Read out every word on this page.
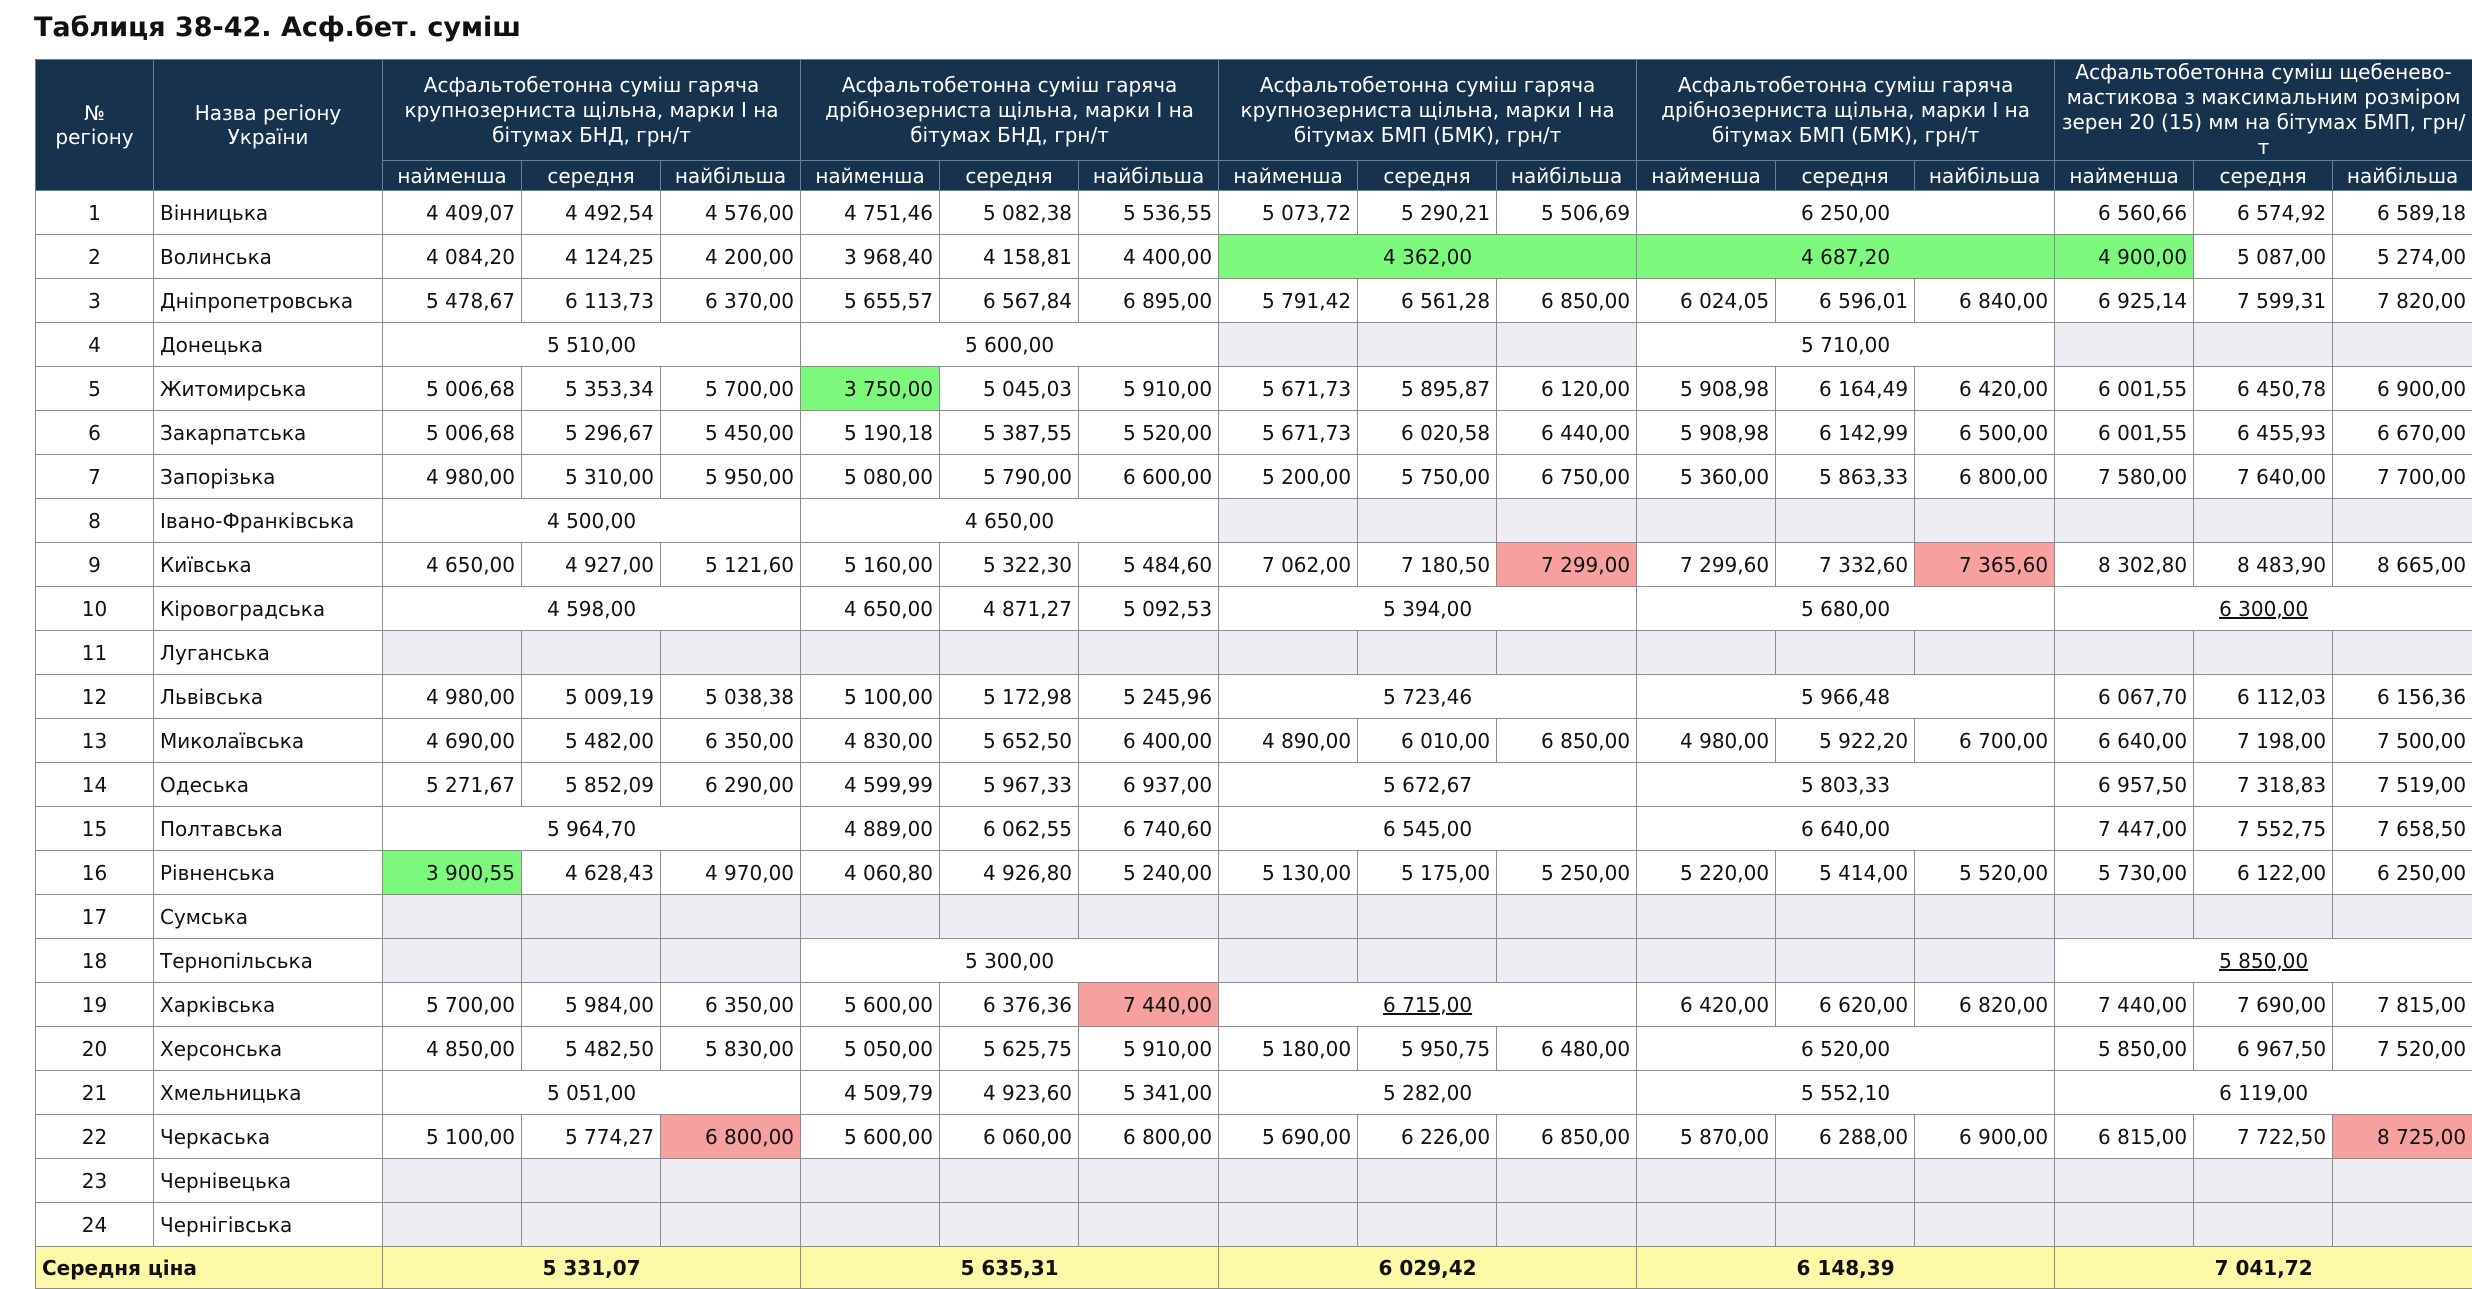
Таблиця 38-42. Асф.бет. суміш
№ регіону	Назва регіону України	Асфальтобетонна суміш гаряча крупнозерниста щільна, марки I на бітумах БНД, грн/т			Асфальтобетонна суміш гаряча дрібнозерниста щільна, марки I на бітумах БНД, грн/т			Асфальтобетонна суміш гаряча крупнозерниста щільна, марки I на бітумах БМП (БМК), грн/т			Асфальтобетонна суміш гаряча дрібнозерниста щільна, марки I на бітумах БМП (БМК), грн/т			Асфальтобетонна суміш щебенево-мастикова з максимальним розміром зерен 20 (15) мм на бітумах БМП, грн/т		
		найменша	середня	найбільша	найменша	середня	найбільша	найменша	середня	найбільша	найменша	середня	найбільша	найменша	середня	найбільша
1	Вінницька	4 409,07	4 492,54	4 576,00	4 751,46	5 082,38	5 536,55	5 073,72	5 290,21	5 506,69	6 250,00			6 560,66	6 574,92	6 589,18
2	Волинська	4 084,20	4 124,25	4 200,00	3 968,40	4 158,81	4 400,00	4 362,00			4 687,20			4 900,00	5 087,00	5 274,00
3	Дніпропетровська	5 478,67	6 113,73	6 370,00	5 655,57	6 567,84	6 895,00	5 791,42	6 561,28	6 850,00	6 024,05	6 596,01	6 840,00	6 925,14	7 599,31	7 820,00
4	Донецька	5 510,00			5 600,00						5 710,00					
5	Житомирська	5 006,68	5 353,34	5 700,00	3 750,00	5 045,03	5 910,00	5 671,73	5 895,87	6 120,00	5 908,98	6 164,49	6 420,00	6 001,55	6 450,78	6 900,00
6	Закарпатська	5 006,68	5 296,67	5 450,00	5 190,18	5 387,55	5 520,00	5 671,73	6 020,58	6 440,00	5 908,98	6 142,99	6 500,00	6 001,55	6 455,93	6 670,00
7	Запорізька	4 980,00	5 310,00	5 950,00	5 080,00	5 790,00	6 600,00	5 200,00	5 750,00	6 750,00	5 360,00	5 863,33	6 800,00	7 580,00	7 640,00	7 700,00
8	Івано-Франківська	4 500,00			4 650,00											
9	Київська	4 650,00	4 927,00	5 121,60	5 160,00	5 322,30	5 484,60	7 062,00	7 180,50	7 299,00	7 299,60	7 332,60	7 365,60	8 302,80	8 483,90	8 665,00
10	Кіровоградська	4 598,00			4 650,00	4 871,27	5 092,53	5 394,00			5 680,00			6 300,00		
11	Луганська															
12	Львівська	4 980,00	5 009,19	5 038,38	5 100,00	5 172,98	5 245,96	5 723,46			5 966,48			6 067,70	6 112,03	6 156,36
13	Миколаївська	4 690,00	5 482,00	6 350,00	4 830,00	5 652,50	6 400,00	4 890,00	6 010,00	6 850,00	4 980,00	5 922,20	6 700,00	6 640,00	7 198,00	7 500,00
14	Одеська	5 271,67	5 852,09	6 290,00	4 599,99	5 967,33	6 937,00	5 672,67			5 803,33			6 957,50	7 318,83	7 519,00
15	Полтавська	5 964,70			4 889,00	6 062,55	6 740,60	6 545,00			6 640,00			7 447,00	7 552,75	7 658,50
16	Рівненська	3 900,55	4 628,43	4 970,00	4 060,80	4 926,80	5 240,00	5 130,00	5 175,00	5 250,00	5 220,00	5 414,00	5 520,00	5 730,00	6 122,00	6 250,00
17	Сумська															
18	Тернопільська				5 300,00									5 850,00		
19	Харківська	5 700,00	5 984,00	6 350,00	5 600,00	6 376,36	7 440,00	6 715,00			6 420,00	6 620,00	6 820,00	7 440,00	7 690,00	7 815,00
20	Херсонська	4 850,00	5 482,50	5 830,00	5 050,00	5 625,75	5 910,00	5 180,00	5 950,75	6 480,00	6 520,00			5 850,00	6 967,50	7 520,00
21	Хмельницька	5 051,00			4 509,79	4 923,60	5 341,00	5 282,00			5 552,10			6 119,00		
22	Черкаська	5 100,00	5 774,27	6 800,00	5 600,00	6 060,00	6 800,00	5 690,00	6 226,00	6 850,00	5 870,00	6 288,00	6 900,00	6 815,00	7 722,50	8 725,00
23	Чернівецька															
24	Чернігівська															
Середня ціна		5 331,07			5 635,31			6 029,42			6 148,39			7 041,72		
